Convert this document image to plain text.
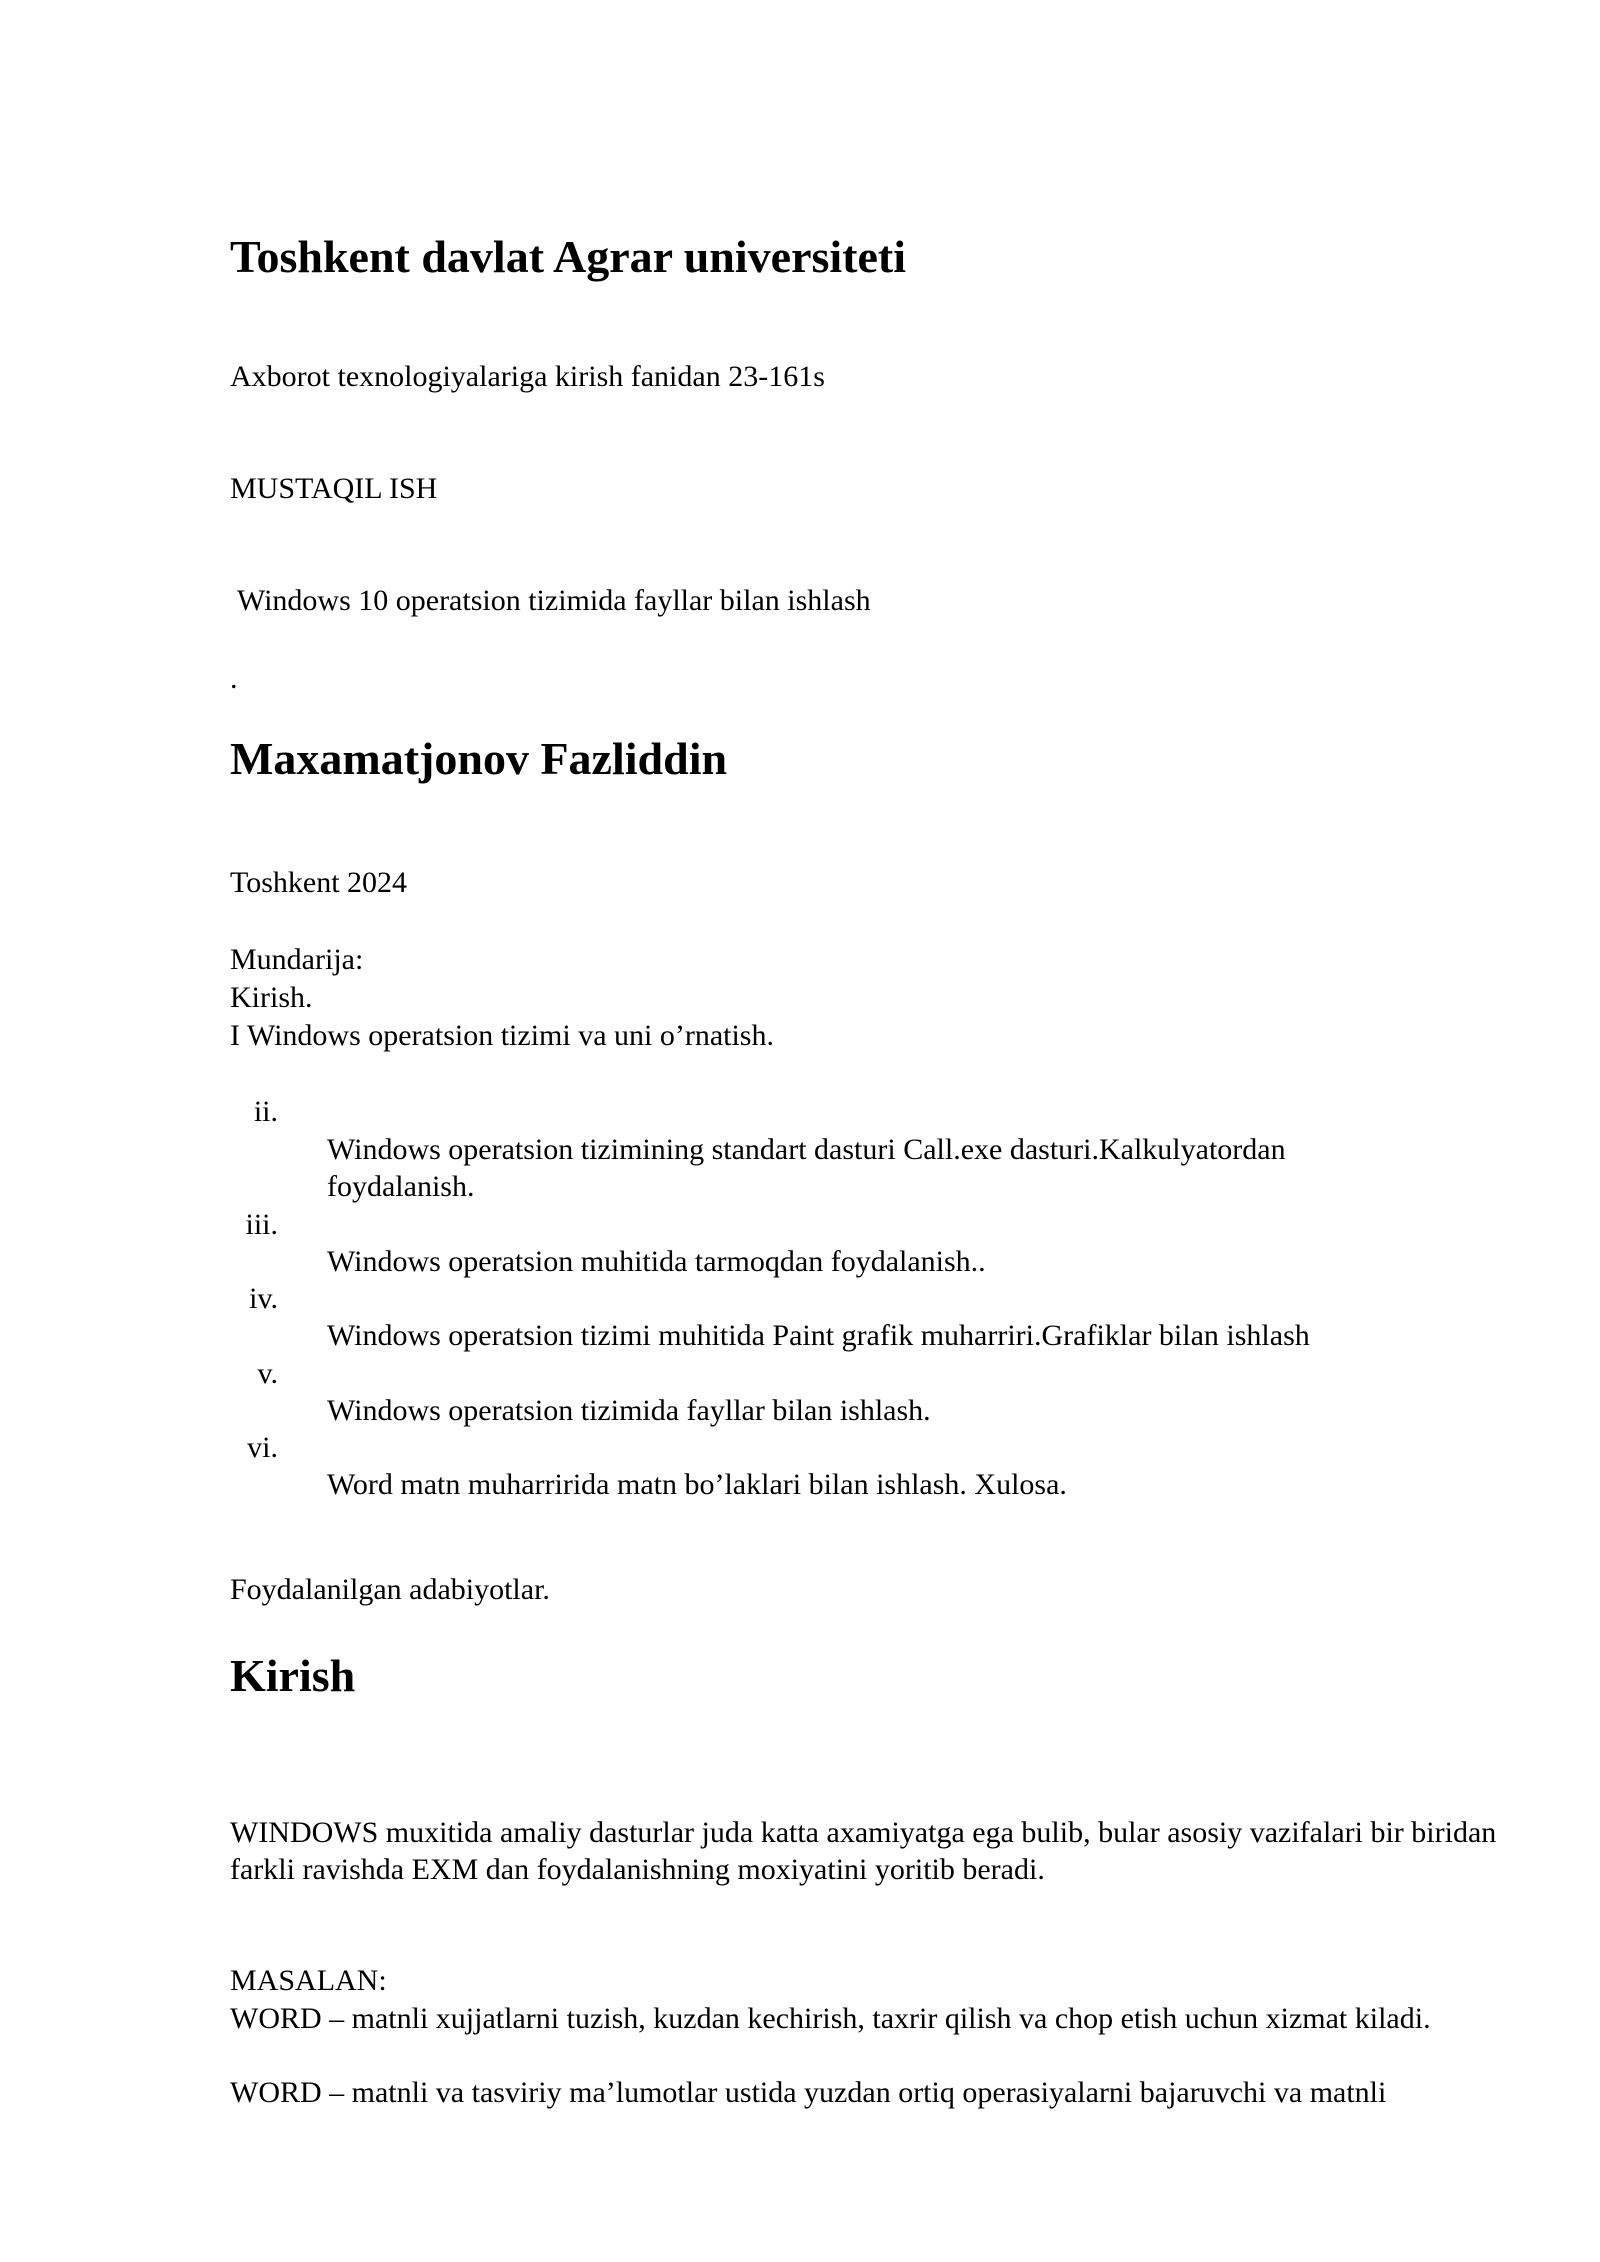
Toshkent davlat Agrar universiteti
Axborot texnologiyalariga kirish fanidan 23-161s
MUSTAQIL ISH
Windows 10 operatsion tizimida fayllar bilan ishlash
.
Maxamatjonov Fazliddin
Toshkent 2024
Mundarija:
Kirish.
I Windows operatsion tizimi va uni o’rnatish.
ii.
Windows operatsion tizimining standart dasturi Call.exe dasturi.Kalkulyatordan foydalanish.
iii.
Windows operatsion muhitida tarmoqdan foydalanish..
iv.
Windows operatsion tizimi muhitida Paint grafik muharriri.Grafiklar bilan ishlash
v.
Windows operatsion tizimida fayllar bilan ishlash.
vi.
Word matn muharririda matn bo’laklari bilan ishlash. Xulosa.
Foydalanilgan adabiyotlar.
Kirish
WINDOWS muxitida amaliy dasturlar juda katta axamiyatga ega bulib, bular asosiy vazifalari bir biridan farkli ravishda EXM dan foydalanishning moxiyatini yoritib beradi.
MASALAN:
WORD – matnli xujjatlarni tuzish, kuzdan kechirish, taxrir qilish va chop etish uchun xizmat kiladi.
WORD – matnli va tasviriy ma’lumotlar ustida yuzdan ortiq operasiyalarni bajaruvchi va matnli
